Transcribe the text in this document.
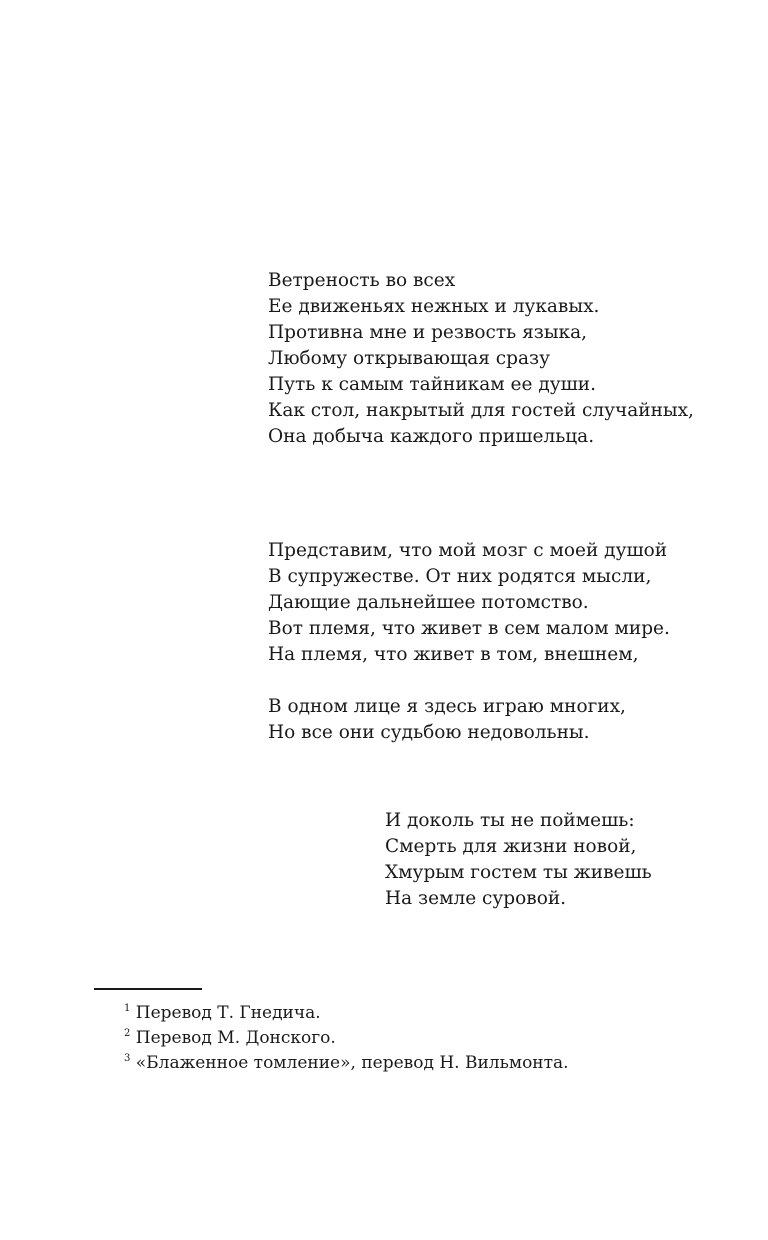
Ветреность во всех
Ее движеньях нежных и лукавых.
Противна мне и резвость языка,
Любому открывающая сразу
Путь к самым тайникам ее души.
Как стол, накрытый для гостей случайных,
Она добыча каждого пришельца.
Представим, что мой мозг с моей душой
В супружестве. От них родятся мысли,
Дающие дальнейшее потомство.
Вот племя, что живет в сем малом мире.
На племя, что живет в том, внешнем,
В одном лице я здесь играю многих,
Но все они судьбою недовольны.
И доколь ты не поймешь:
Смерть для жизни новой,
Хмурым гостем ты живешь
На земле суровой.
$^1$ Перевод Т. Гнедича.
$^2$ Перевод М. Донского.
$^3$ «Блаженное томление», перевод Н. Вильмонта.
